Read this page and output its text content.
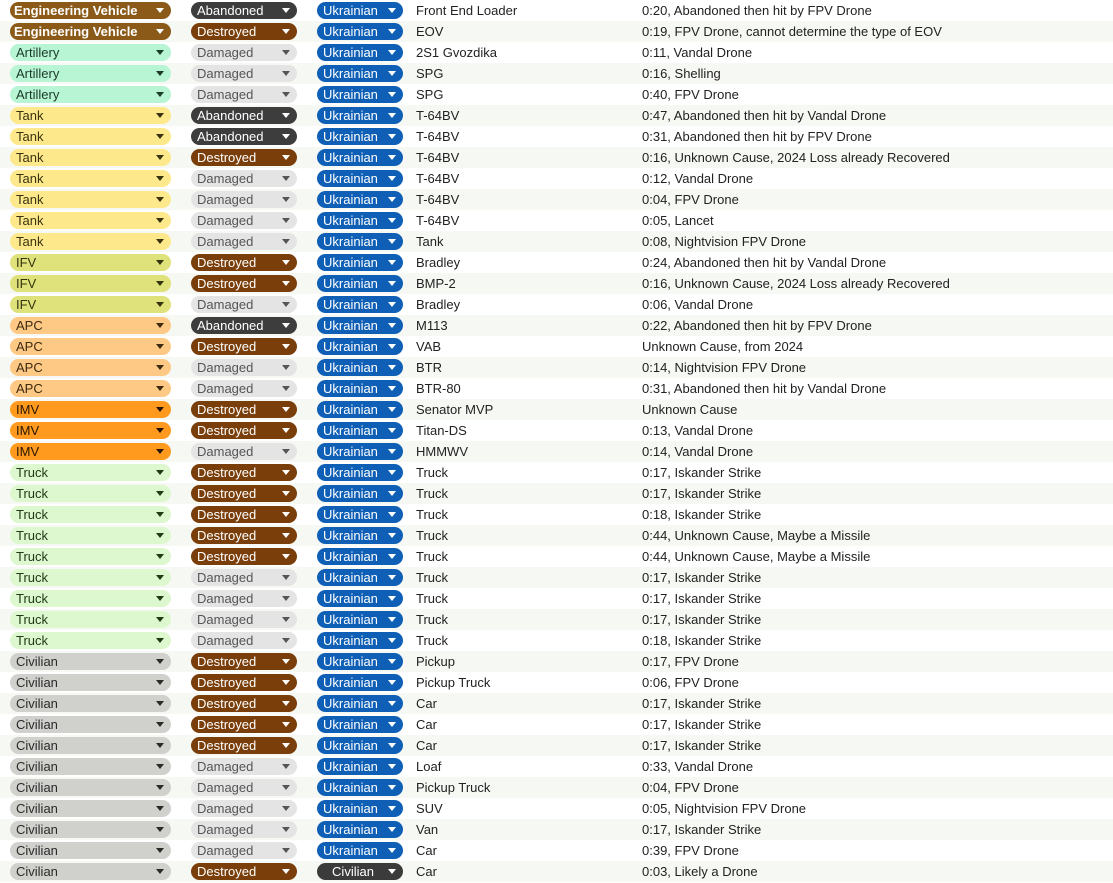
Engineering Vehicle	Abandoned	Ukrainian	Front End Loader	0:20, Abandoned then hit by FPV Drone
Engineering Vehicle	Destroyed	Ukrainian	EOV	0:19, FPV Drone, cannot determine the type of EOV
Artillery	Damaged	Ukrainian	2S1 Gvozdika	0:11, Vandal Drone
Artillery	Damaged	Ukrainian	SPG	0:16, Shelling
Artillery	Damaged	Ukrainian	SPG	0:40, FPV Drone
Tank	Abandoned	Ukrainian	T-64BV	0:47, Abandoned then hit by Vandal Drone
Tank	Abandoned	Ukrainian	T-64BV	0:31, Abandoned then hit by FPV Drone
Tank	Destroyed	Ukrainian	T-64BV	0:16, Unknown Cause, 2024 Loss already Recovered
Tank	Damaged	Ukrainian	T-64BV	0:12, Vandal Drone
Tank	Damaged	Ukrainian	T-64BV	0:04, FPV Drone
Tank	Damaged	Ukrainian	T-64BV	0:05, Lancet
Tank	Damaged	Ukrainian	Tank	0:08, Nightvision FPV Drone
IFV	Destroyed	Ukrainian	Bradley	0:24, Abandoned then hit by Vandal Drone
IFV	Destroyed	Ukrainian	BMP-2	0:16, Unknown Cause, 2024 Loss already Recovered
IFV	Damaged	Ukrainian	Bradley	0:06, Vandal Drone
APC	Abandoned	Ukrainian	M113	0:22, Abandoned then hit by FPV Drone
APC	Destroyed	Ukrainian	VAB	Unknown Cause, from 2024
APC	Damaged	Ukrainian	BTR	0:14, Nightvision FPV Drone
APC	Damaged	Ukrainian	BTR-80	0:31, Abandoned then hit by Vandal Drone
IMV	Destroyed	Ukrainian	Senator MVP	Unknown Cause
IMV	Destroyed	Ukrainian	Titan-DS	0:13, Vandal Drone
IMV	Damaged	Ukrainian	HMMWV	0:14, Vandal Drone
Truck	Destroyed	Ukrainian	Truck	0:17, Iskander Strike
Truck	Destroyed	Ukrainian	Truck	0:17, Iskander Strike
Truck	Destroyed	Ukrainian	Truck	0:18, Iskander Strike
Truck	Destroyed	Ukrainian	Truck	0:44, Unknown Cause, Maybe a Missile
Truck	Destroyed	Ukrainian	Truck	0:44, Unknown Cause, Maybe a Missile
Truck	Damaged	Ukrainian	Truck	0:17, Iskander Strike
Truck	Damaged	Ukrainian	Truck	0:17, Iskander Strike
Truck	Damaged	Ukrainian	Truck	0:17, Iskander Strike
Truck	Damaged	Ukrainian	Truck	0:18, Iskander Strike
Civilian	Destroyed	Ukrainian	Pickup	0:17, FPV Drone
Civilian	Destroyed	Ukrainian	Pickup Truck	0:06, FPV Drone
Civilian	Destroyed	Ukrainian	Car	0:17, Iskander Strike
Civilian	Destroyed	Ukrainian	Car	0:17, Iskander Strike
Civilian	Destroyed	Ukrainian	Car	0:17, Iskander Strike
Civilian	Damaged	Ukrainian	Loaf	0:33, Vandal Drone
Civilian	Damaged	Ukrainian	Pickup Truck	0:04, FPV Drone
Civilian	Damaged	Ukrainian	SUV	0:05, Nightvision FPV Drone
Civilian	Damaged	Ukrainian	Van	0:17, Iskander Strike
Civilian	Damaged	Ukrainian	Car	0:39, FPV Drone
Civilian	Destroyed	Civilian	Car	0:03, Likely a Drone
